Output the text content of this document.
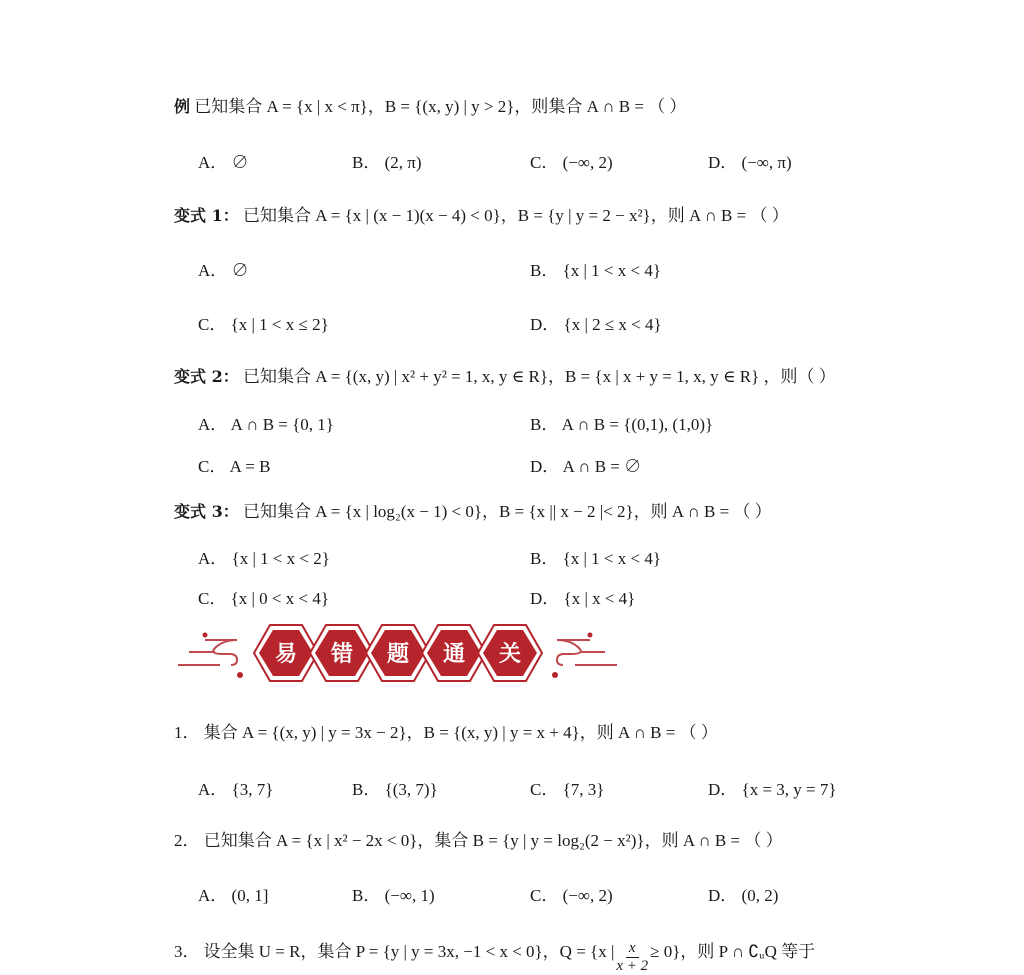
例 已知集合 A = {x | x < π}，B = {(x, y) | y > 2}，则集合 A ∩ B = （ ）
A． ∅	B． (2, π)	C． (−∞, 2)	D． (−∞, π)
变式 1： 已知集合 A = {x | (x − 1)(x − 4) < 0}，B = {y | y = 2 − x²}，则 A ∩ B = （ ）
A． ∅	B． {x | 1 < x < 4}
C． {x | 1 < x ≤ 2}	D． {x | 2 ≤ x < 4}
变式 2： 已知集合 A = {(x, y) | x² + y² = 1, x, y ∈ R}，B = {x | x + y = 1, x, y ∈ R} ，则（ ）
A． A ∩ B = {0, 1}	B． A ∩ B = {(0,1), (1,0)}
C． A = B	D． A ∩ B = ∅
变式 3： 已知集合 A = {x | log₂(x − 1) < 0}，B = {x || x − 2 |< 2}，则 A ∩ B = （ ）
A． {x | 1 < x < 2}	B． {x | 1 < x < 4}
C． {x | 0 < x < 4}	D． {x | x < 4}
易 错 题 通 关
1． 集合 A = {(x, y) | y = 3x − 2}，B = {(x, y) | y = x + 4}，则 A ∩ B = （ ）
A． {3, 7}	B． {(3, 7)}	C． {7, 3}	D． {x = 3, y = 7}
2． 已知集合 A = {x | x² − 2x < 0}，集合 B = {y | y = log₂(2 − x²)}，则 A ∩ B = （ ）
A． (0, 1]	B． (−∞, 1)	C． (−∞, 2)	D． (0, 2)
3． 设全集 U = R，集合 P = {y | y = 3x, −1 < x < 0}，Q = {x | $\frac{x}{x + 2} \ge 0$}，则 P ∩ ∁ᵤQ 等于
